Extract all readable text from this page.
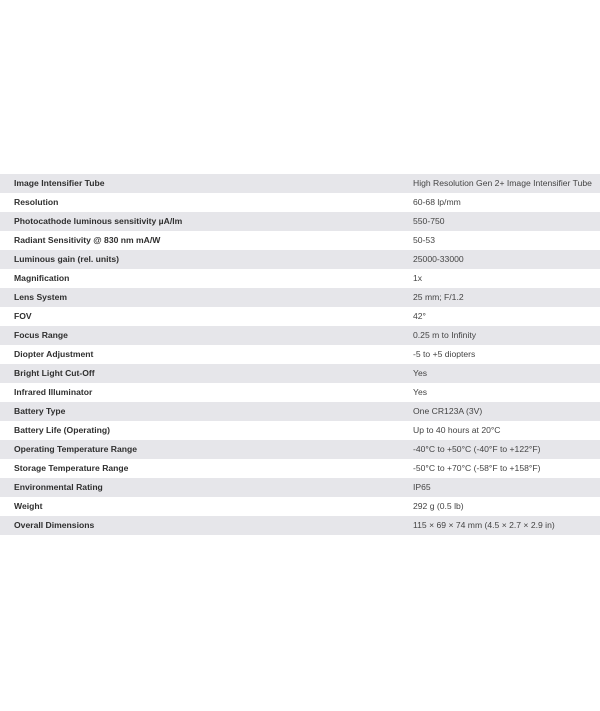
Image Intensifier Tube	High Resolution Gen 2+ Image Intensifier Tube
Resolution	60-68 lp/mm
Photocathode luminous sensitivity µA/lm	550-750
Radiant Sensitivity @ 830 nm mA/W	50-53
Luminous gain (rel. units)	25000-33000
Magnification	1x
Lens System	25 mm; F/1.2
FOV	42°
Focus Range	0.25 m to Infinity
Diopter Adjustment	-5 to +5 diopters
Bright Light Cut-Off	Yes
Infrared Illuminator	Yes
Battery Type	One CR123A (3V)
Battery Life (Operating)	Up to 40 hours at 20°C
Operating Temperature Range	-40°C to +50°C (-40°F to +122°F)
Storage Temperature Range	-50°C to +70°C (-58°F to +158°F)
Environmental Rating	IP65
Weight	292 g (0.5 lb)
Overall Dimensions	115 × 69 × 74 mm (4.5 × 2.7 × 2.9 in)
